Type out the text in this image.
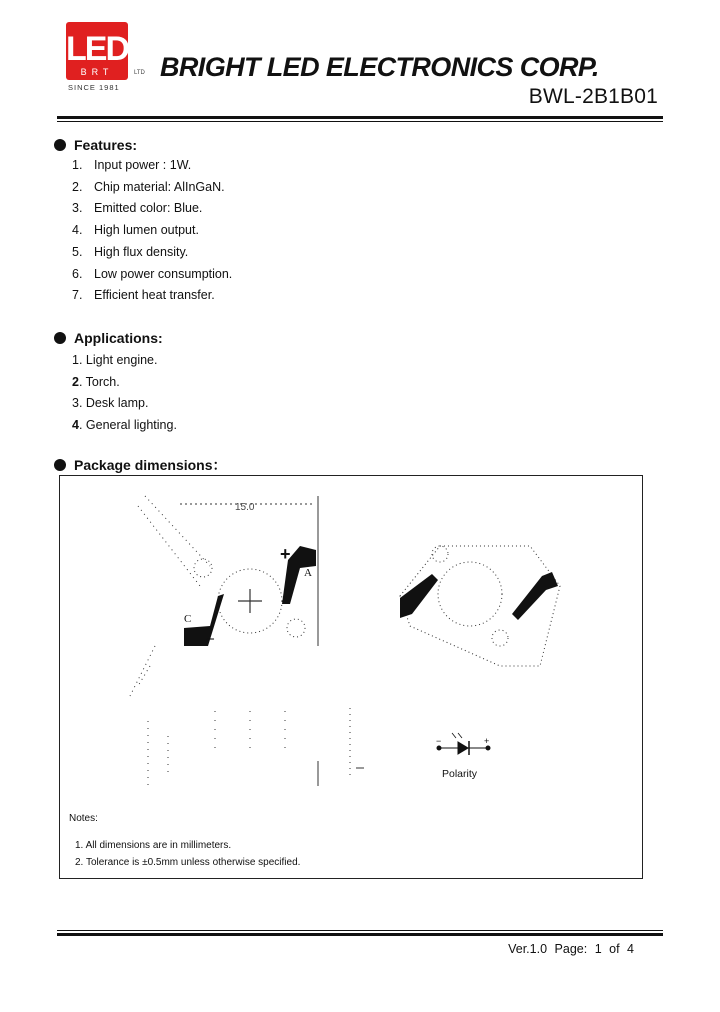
LED
BRT	LTD
SINCE 1981
BRIGHT LED ELECTRONICS CORP.
BWL-2B1B01
Features:
1. Input power : 1W.
2. Chip material: AlInGaN.
3. Emitted color: Blue.
4. High lumen output.
5. High flux density.
6. Low power consumption.
7. Efficient heat transfer.
Applications:
1. Light engine.
2. Torch.
3. Desk lamp.
4. General lighting.
Package dimensions：
15.0
+
A
C
−
−	+
Polarity
Notes:
1. All dimensions are in millimeters.
2. Tolerance is ±0.5mm unless otherwise specified.
Ver.1.0 Page: 1 of 4
